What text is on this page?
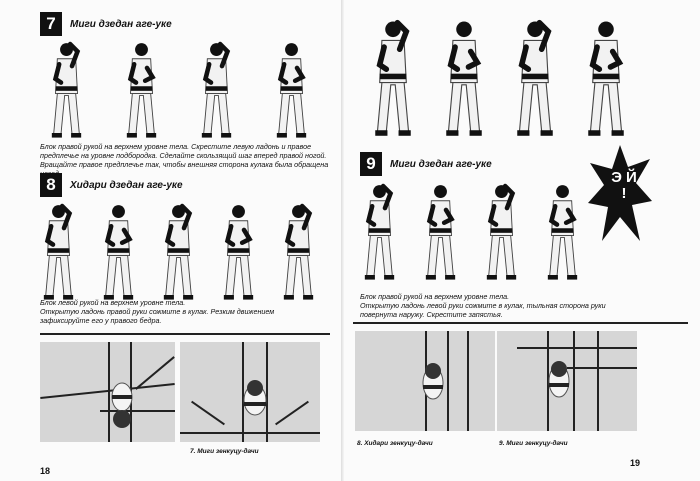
7	Миги дзедан аге-уке
Блок правой рукой на верхнем уровне тела. Скрестите левую ладонь и правое
предплечье на уровне подбородка. Сделайте скользящий шаг вперед правой ногой.
Вращайте правое предплечье так, чтобы внешняя сторона кулака была обращена
8	Хидари дзедан аге-уке
Блок левой рукой на верхнем уровне тела.
Открытую ладонь правой руки сожмите в кулак. Резким движением
зафиксируйте его у правого бедра.
7. Миги зенкуцу-дачи
18
9	Миги дзедан аге-уке
Э Й !
Блок правой рукой на верхнем уровне тела.
Открытую ладонь левой руки сожмите в кулак, тыльная сторона руки
повернута наружу. Скрестите запястья.
8. Хидари зенкуцу-дачи	9. Миги зенкуцу-дачи
19
